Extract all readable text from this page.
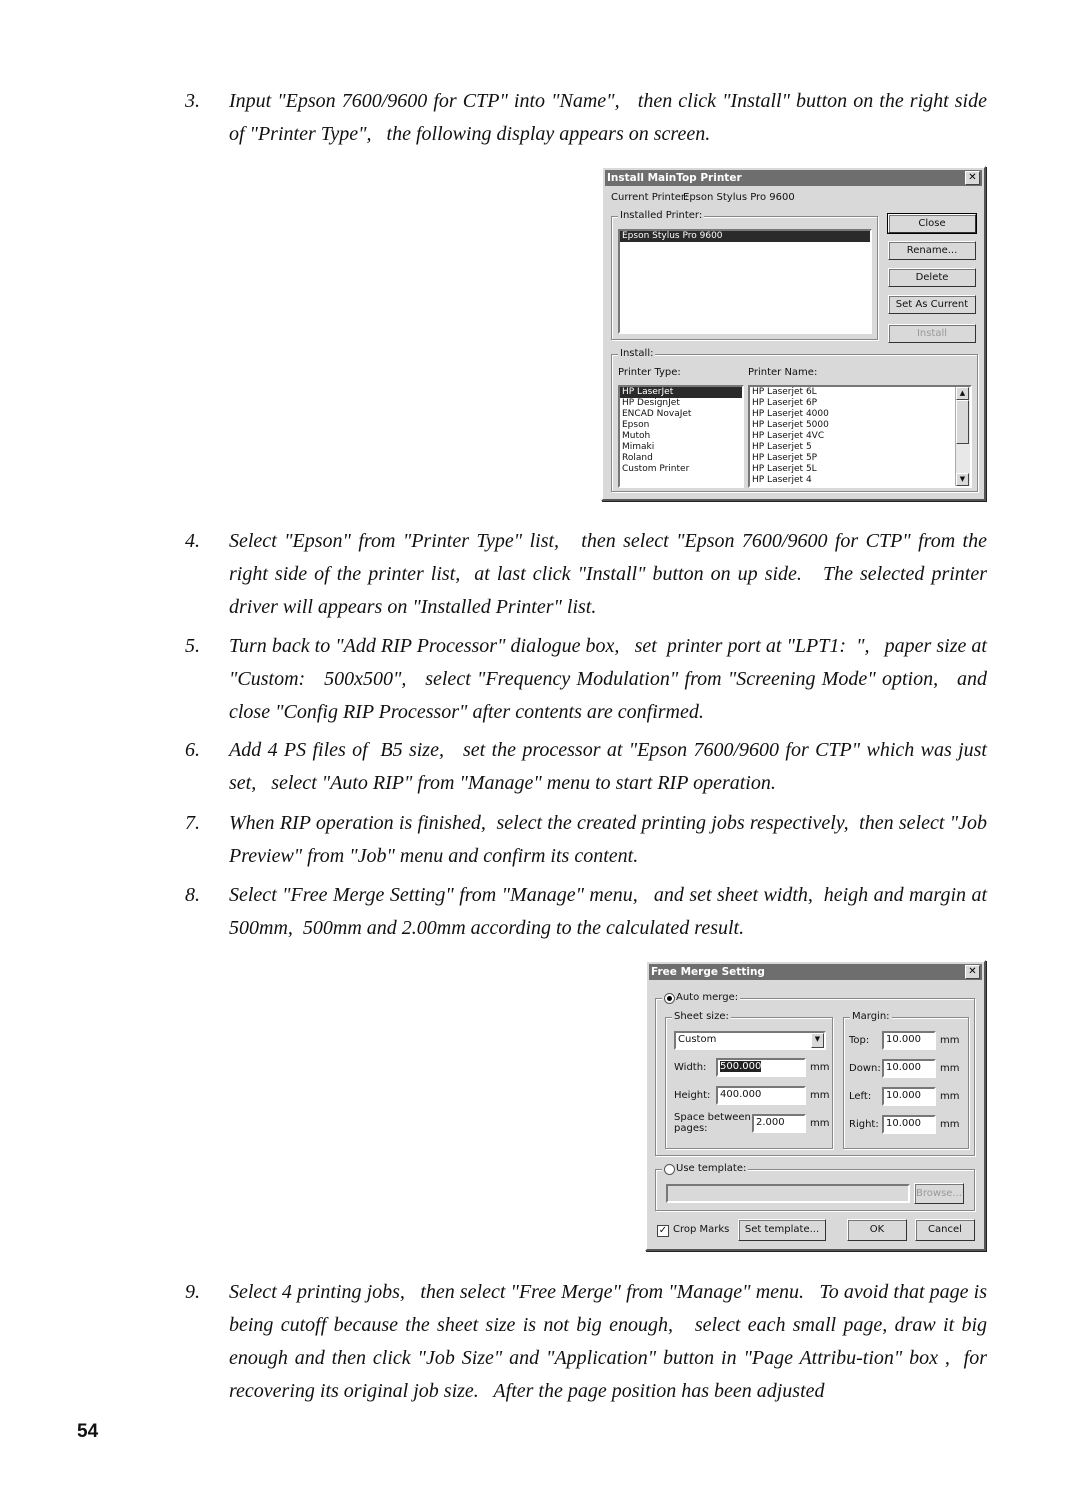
3.	Input "Epson 7600/9600 for CTP" into "Name",   then click "Install" button on the right side of "Printer Type",   the following display appears on screen.
Install MainTop Printer	✕
Current Printer:
Epson Stylus Pro 9600
Installed Printer:
Epson Stylus Pro 9600
Close
Rename...
Delete
Set As Current
Install
Install:
Printer Type:	Printer Name:
HP LaserJet
HP DesignJet
ENCAD NovaJet
Epson
Mutoh
Mimaki
Roland
Custom Printer
HP Laserjet 6L
HP Laserjet 6P
HP Laserjet 4000
HP Laserjet 5000
HP Laserjet 4VC
HP Laserjet 5
HP Laserjet 5P
HP Laserjet 5L
HP Laserjet 4
▲
▼
4.	Select "Epson" from "Printer Type" list,   then select "Epson 7600/9600 for CTP" from the right side of the printer list,  at last click "Install" button on up side.   The selected printer driver will appears on "Installed Printer" list.
5.	Turn back to "Add RIP Processor" dialogue box,   set  printer port at "LPT1:  ",   paper size at "Custom:   500x500",   select "Frequency Modulation" from "Screening Mode" option,   and close "Config RIP Processor" after contents are confirmed.
6.	Add 4 PS files of  B5 size,   set the processor at "Epson 7600/9600 for CTP" which was just set,   select "Auto RIP" from "Manage" menu to start RIP operation.
7.	When RIP operation is finished,  select the created printing jobs respectively,  then select "Job Preview" from "Job" menu and confirm its content.
8.	Select "Free Merge Setting" from "Manage" menu,   and set sheet width,  heigh and margin at 500mm,  500mm and 2.00mm according to the calculated result.
Free Merge Setting	✕
Auto merge:
Sheet size:
Custom	▼
Width:	500.000	mm
Height: 400.000	mm
Space between pages:
2.000	mm
Margin:
Top:	10.000	mm
Down: 10.000	mm
Left:	10.000	mm
Right: 10.000	mm
Use template:
Browse...
✓ Crop Marks	Set template...	OK	Cancel
9.	Select 4 printing jobs,   then select "Free Merge" from "Manage" menu.   To avoid that page is being cutoff because the sheet size is not big enough,   select each small page, draw it big enough and then click "Job Size" and "Application" button in "Page Attribu-tion" box ,  for recovering its original job size.   After the page position has been adjusted
54
